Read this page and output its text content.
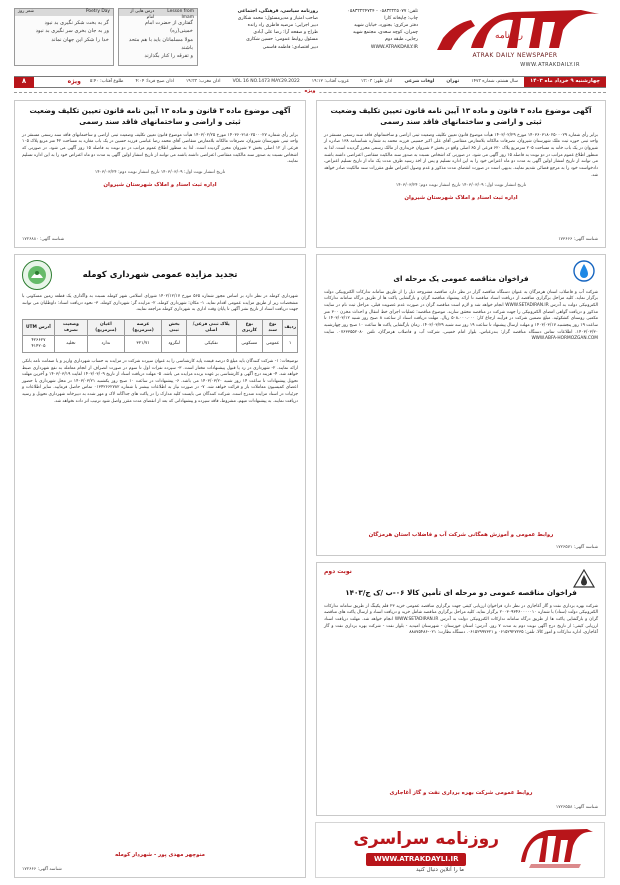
روزنامه
ATRAK DAILY NEWSPAPER
WWW.ATRAKDAILY.IR
روزنامه سیاسی، فرهنگی، اجتماعی
صاحب امتیاز و مدیرمسئول: محمد شکاری
دبیر اجرایی: مرضیه فاطری راد رانده
طراح و صفحه آرا: رضا علی آبادی
مسئول روابط عمومی: حسین شکاری
دبیر اقتصادی: فاطمه قاسمی
تلفن: ۰۵۸۳۲۲۲۵۰۷۷ - ۰۵۸۳۲۲۲۴۷۲۴
چاپ: چاپخانه کارا
دفتر مرکزی: بجنورد، خیابان شهید
چمران، کوچه سعدی، مجتمع شهید
رجایی، طبقه دوم
WWW.ATRAKDAILY.IR
Lesson from Imam
درس هایی از امام
گفتاری از حضرت امام خمینی(ره)
مولا مسلمانان باید با هم متحد باشند
و تفرقه را کنار بگذارند
Poetry Day
شعر روز
گر به بخت شکر نگیری بد نبود
ور به جان بخری سر نگیری بد نبود
خدا را شکر این جهان نماند
چهارشنبه ۹ خرداد ماه ۱۴۰۳
سال هشتم، شماره ۱۴۷۳
تهران
اوقات شرعی
اذان ظهر: ۱۳:۰۳
غروب آفتاب: ۱۹:۱۲
VOL 16 NO.1473 MAY.29.2022
اذان مغرب: ۱۹:۳۳
اذان صبح فردا: ۴:۰۴
طلوع آفتاب: ۵:۴۰
ویژه
۸
ویژه
آگهی موضوع ماده ۳ قانون و ماده ۱۳ آیین نامه قانون تعیین تکلیف وضعیت ثبتی و اراضی و ساختمانهای فاقد سند رسمی
برابر رأی شماره ۱۴۰۳۶۰۳۱۸۰۲۵۰۰۰۲۹ مورخ ۱۴۰۳/۰۲/۲۹ هیأت موضوع قانون تعیین تکلیف وضعیت ثبتی اراضی و ساختمانهای فاقد سند رسمی مستقر در واحد ثبتی حوزه ثبت ملک شهرستان شیروان، تصرفات مالکانه بلامعارض متقاضی آقای علی اکبر حسینی فرزند محمد به شماره شناسنامه ۱۳۸ صادره از شیروان در یک باب خانه به مساحت ۲۰۵ مترمربع پلاک ۶۲۰ فرعی از ۶۵ اصلی واقع در بخش ۳ شیروان خریداری از مالک رسمی محرز گردیده است. لذا به منظور اطلاع عموم مراتب در دو نوبت به فاصله ۱۵ روز آگهی می شود. در صورتی که اشخاص نسبت به صدور سند مالکیت متقاضی اعتراضی داشته باشند می توانند از تاریخ انتشار اولین آگهی به مدت دو ماه اعتراض خود را به این اداره تسلیم و پس از اخذ رسید ظرف مدت یک ماه از تاریخ تسلیم اعتراض، دادخواست خود را به مرجع قضائی تقدیم نمایند. بدیهی است در صورت انقضای مدت مذکور و عدم وصول اعتراض طبق مقررات سند مالکیت صادر خواهد شد.
تاریخ انتشار نوبت اول: ۱۴۰۳/۰۳/۰۹ تاریخ انتشار نوبت دوم: ۱۴۰۳/۰۳/۲۴
اداره ثبت اسناد و املاک شهرستان شیروان
شناسه آگهی: ۱۷۳۶۶۶
آگهی موضوع ماده ۳ قانون و ماده ۱۳ آیین نامه قانون تعیین تکلیف وضعیت ثبتی و اراضی و ساختمانهای فاقد سند رسمی
برابر رأی شماره ۱۴۰۳۶۰۳۱۸۰۲۵۰۰۰۲۷ مورخ ۱۴۰۳/۰۲/۲۵ هیأت موضوع قانون تعیین تکلیف وضعیت ثبتی اراضی و ساختمانهای فاقد سند رسمی مستقر در واحد ثبتی شهرستان شیروان، تصرفات مالکانه بلامعارض متقاضی آقای محمد رضا عباسی فرزند حسین در یک باب مغازه به مساحت ۴۲ متر مربع پلاک ۱۰۵ فرعی از ۱۲ اصلی بخش ۳ شیروان محرز گردیده است. لذا به منظور اطلاع عموم مراتب در دو نوبت به فاصله ۱۵ روز آگهی می شود. در صورتی که اشخاص نسبت به صدور سند مالکیت متقاضی اعتراضی داشته باشند می توانند از تاریخ انتشار اولین آگهی به مدت دو ماه اعتراض خود را به این اداره تسلیم نمایند.
تاریخ انتشار نوبت اول: ۱۴۰۳/۰۳/۰۹ تاریخ انتشار نوبت دوم: ۱۴۰۳/۰۳/۲۴
اداره ثبت اسناد و املاک شهرستان شیروان
شناسه آگهی: ۱۷۲۶۸۸۰
فراخوان مناقصه عمومی یک مرحله ای
شرکت آب و فاضلاب استان هرمزگان به عنوان دستگاه مناقصه گزار در نظر دارد مناقصه مشروحه ذیل را از طریق سامانه تدارکات الکترونیکی دولت برگزار نماید. کلیه مراحل برگزاری مناقصه از دریافت اسناد مناقصه تا ارائه پیشنهاد مناقصه گران و بازگشایی پاکت ها از طریق درگاه سامانه تدارکات الکترونیکی دولت به آدرس WWW.SETADIRAN.IR انجام خواهد شد و لازم است مناقصه گران در صورت عدم عضویت قبلی، مراحل ثبت نام در سایت مذکور و دریافت گواهی امضای الکترونیکی را جهت شرکت در مناقصه محقق سازند. موضوع مناقصه: عملیات اجرای خط انتقال و احداث مخزن ۳۰۰ متر مکعبی روستای کشکوئیه. مبلغ تضمین شرکت در فرآیند ارجاع کار: ۵۰۸،۰۰۰،۰۰۰ ریال. مهلت دریافت اسناد از ساعت ۸ صبح روز شنبه ۱۴۰۳/۰۳/۱۲ تا ساعت ۱۹ روز پنجشنبه ۱۴۰۳/۰۳/۱۷ و مهلت ارسال پیشنهاد تا ساعت ۱۹ روز سه شنبه ۱۴۰۳/۰۳/۲۹. زمان بازگشایی پاکت ها ساعت ۱۰ صبح روز چهارشنبه ۱۴۰۳/۰۳/۳۰. اطلاعات تماس دستگاه مناقصه گزار: بندرعباس، بلوار امام خمینی، شرکت آب و فاضلاب هرمزگان، تلفن ۰۷۶۳۳۵۵۲۰۸۰. سایت WWW.ABFA-HORMOZGAN.COM
روابط عمومی و آموزش همگانی شرکت آب و فاضلاب استان هرمزگان
شناسه آگهی: ۱۷۲۶۵۷۱
نوبت دوم
فراخوان مناقصه عمومی دو مرحله ای تأمین کالا ۰۶-ب /ک ج/۱۴۰۳
شرکت بهره برداری نفت و گاز آغاجاری در نظر دارد فراخوان ارزیابی کیفی جهت برگزاری مناقصه عمومی خرید ۲۳ قلم پکینگ از طریق سامانه تدارکات الکترونیکی دولت (ستاد) با شماره ۲۰۰۳۰۹۳۴۶۰۰۰۰۰۱۰ برگزار نماید. کلیه مراحل برگزاری مناقصه شامل خرید و دریافت اسناد و ارسال پاکت های مناقصه گران و بازگشایی پاکت ها از طریق درگاه سامانه تدارکات الکترونیکی دولت به آدرس WWW.SETADIRAN.IR انجام خواهد شد. مهلت دریافت اسناد ارزیابی کیفی: از تاریخ درج آگهی نوبت دوم به مدت ۷ روز. آدرس: استان خوزستان - شهرستان امیدیه - بلوار نفت - شرکت بهره برداری نفت و گاز آغاجاری، اداره تدارکات و امور کالا. تلفن: ۰۶۱۵۲۹۲۷۲۳۵ و ۰۶۱۵۲۹۹۷۳۲۱. دستگاه نظارت: ۰۲۱-۸۸۸۷۵۴۸۶
روابط عمومی شرکت بهره برداری نفت و گاز آغاجاری
شناسه آگهی: ۱۷۲۶۵۵۸
تجدید مزایده عمومی شهرداری کومله
شهرداری کومله در نظر دارد بر اساس مجوز شماره ۵۶۵ مورخ ۱۴۰۲/۱۲/۱۷ شورای اسلامی شهر کومله نسبت به واگذاری یک قطعه زمین مسکونی با مشخصات زیر از طریق مزایده عمومی اقدام نماید. ۱- مکان: شهرداری کومله. ۲- مزایده گر: شهرداری کومله. ۳- نحوه دریافت اسناد: داوطلبان می توانند جهت دریافت اسناد از تاریخ نشر آگهی تا پایان وقت اداری به شهرداری کومله مراجعه نمایند.
ردیف	نوع سند	نوع کاربری	پلاک ثبتی فرعی/اصلی	بخش ثبتی	عرصه (مترمربع)	اعیان (مترمربع)	وضعیت تصرف	آدرس UTM
۱	عمومی	مسکونی	تفکیکی	لنگرود	۳۲۱/۷۱	ندارد	تخلیه	۴۲۶۶۲۷ ۴۱۴۲۰۵
توضیحات: ۱- شرکت کنندگان باید مبلغ ۵ درصد قیمت پایه کارشناسی را به عنوان سپرده شرکت در مزایده به حساب شهرداری واریز و یا ضمانت نامه بانکی ارائه نمایند. ۲- شهرداری در رد یا قبول پیشنهادات مختار است. ۳- سپرده نفرات اول تا سوم در صورت انصراف از انجام معامله به نفع شهرداری ضبط خواهد شد. ۴- هزینه درج آگهی و کارشناسی بر عهده برنده مزایده می باشد. ۵- مهلت دریافت اسناد از تاریخ ۱۴۰۳/۰۳/۰۹ لغایت ۱۴۰۳/۰۳/۱۹ و آخرین مهلت تحویل پیشنهادات تا ساعت ۱۴ روز شنبه ۱۴۰۳/۰۳/۲۰ می باشد. ۶- پیشنهادات در ساعت ۱۰ صبح روز یکشنبه ۱۴۰۳/۰۳/۲۱ در محل شهرداری با حضور اعضای کمیسیون معاملات باز و قرائت خواهد شد. ۷- در صورت نیاز به اطلاعات بیشتر با شماره ۰۱۳۴۲۶۶۲۷۸۲ تماس حاصل فرمایید. سایر اطلاعات و جزئیات در اسناد مزایده مندرج است. شرکت کنندگان می بایست کلیه مدارک را در پاکت های جداگانه لاک و مهر شده به دبیرخانه شهرداری تحویل و رسید دریافت نمایند. به پیشنهادات مبهم، مشروط، فاقد سپرده و پیشنهاداتی که بعد از انقضای مدت مقرر واصل شود ترتیب اثر داده نخواهد شد.
منوچهر مهدی پور - شهردار کومله
شناسه آگهی: ۱۷۲۶۶۶
روزنامه سراسری
WWW.ATRAKDAYLI.IR
ما را آنلاین دنبال کنید
